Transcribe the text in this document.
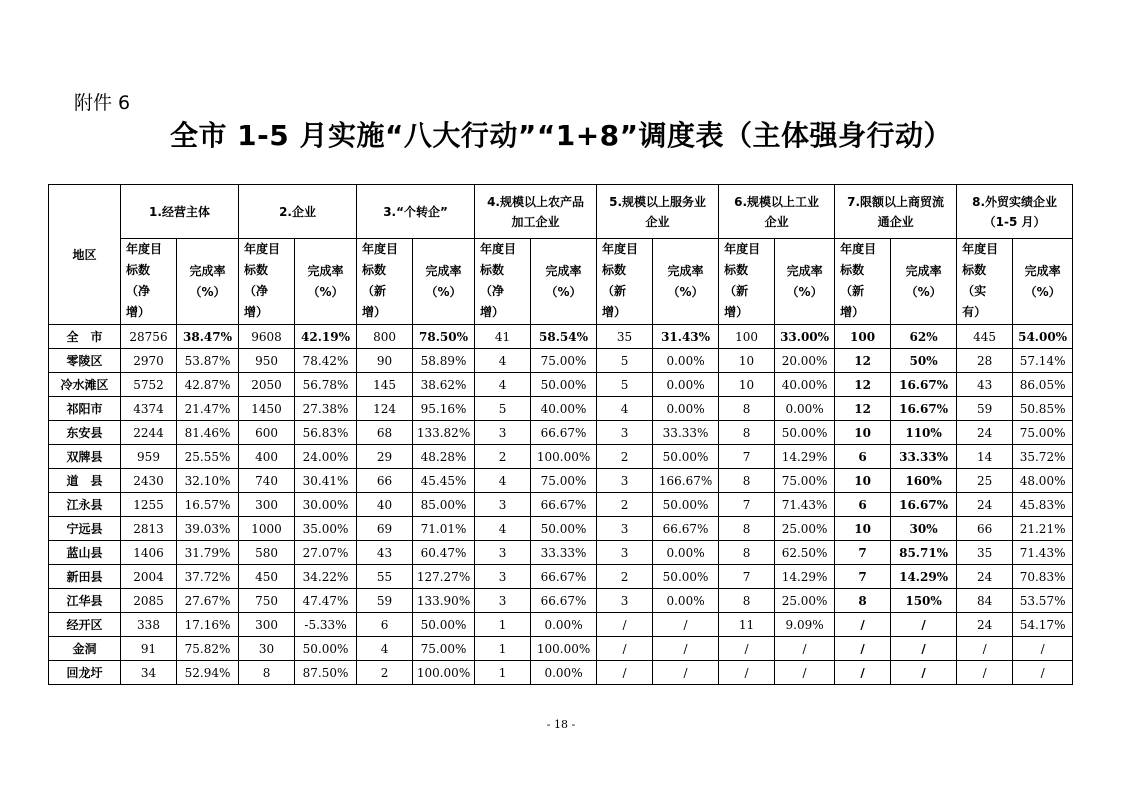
附件 6
全市 1-5 月实施“八大行动”“1+8”调度表（主体强身行动）
地区	1.经营主体		2.企业		3.“个转企”		4.规模以上农产品
加工企业		5.规模以上服务业
企业		6.规模以上工业
企业		7.限额以上商贸流
通企业		8.外贸实绩企业
（1-5 月）	

	年度目
标数
（净
增）	完成率
（%）	年度目
标数
（净
增）	完成率
（%）	年度目
标数
（新
增）	完成率
（%）	年度目
标数
（净
增）	完成率
（%）	年度目
标数
（新
增）	完成率
（%）	年度目
标数
（新
增）	完成率
（%）	年度目
标数
（新
增）	完成率
（%）	年度目
标数
（实
有）	完成率
（%）

全　市	28756	38.47%	9608	42.19%	800	78.50%	41	58.54%	35	31.43%	100	33.00%	100	62%	445	54.00%
零陵区	2970	53.87%	950	78.42%	90	58.89%	4	75.00%	5	0.00%	10	20.00%	12	50%	28	57.14%
冷水滩区	5752	42.87%	2050	56.78%	145	38.62%	4	50.00%	5	0.00%	10	40.00%	12	16.67%	43	86.05%
祁阳市	4374	21.47%	1450	27.38%	124	95.16%	5	40.00%	4	0.00%	8	0.00%	12	16.67%	59	50.85%
东安县	2244	81.46%	600	56.83%	68	133.82%	3	66.67%	3	33.33%	8	50.00%	10	110%	24	75.00%
双牌县	959	25.55%	400	24.00%	29	48.28%	2	100.00%	2	50.00%	7	14.29%	6	33.33%	14	35.72%
道　县	2430	32.10%	740	30.41%	66	45.45%	4	75.00%	3	166.67%	8	75.00%	10	160%	25	48.00%
江永县	1255	16.57%	300	30.00%	40	85.00%	3	66.67%	2	50.00%	7	71.43%	6	16.67%	24	45.83%
宁远县	2813	39.03%	1000	35.00%	69	71.01%	4	50.00%	3	66.67%	8	25.00%	10	30%	66	21.21%
蓝山县	1406	31.79%	580	27.07%	43	60.47%	3	33.33%	3	0.00%	8	62.50%	7	85.71%	35	71.43%
新田县	2004	37.72%	450	34.22%	55	127.27%	3	66.67%	2	50.00%	7	14.29%	7	14.29%	24	70.83%
江华县	2085	27.67%	750	47.47%	59	133.90%	3	66.67%	3	0.00%	8	25.00%	8	150%	84	53.57%
经开区	338	17.16%	300	-5.33%	6	50.00%	1	0.00%	/	/	11	9.09%	/	/	24	54.17%
金洞	91	75.82%	30	50.00%	4	75.00%	1	100.00%	/	/	/	/	/	/	/	/
回龙圩	34	52.94%	8	87.50%	2	100.00%	1	0.00%	/	/	/	/	/	/	/	/
- 18 -
